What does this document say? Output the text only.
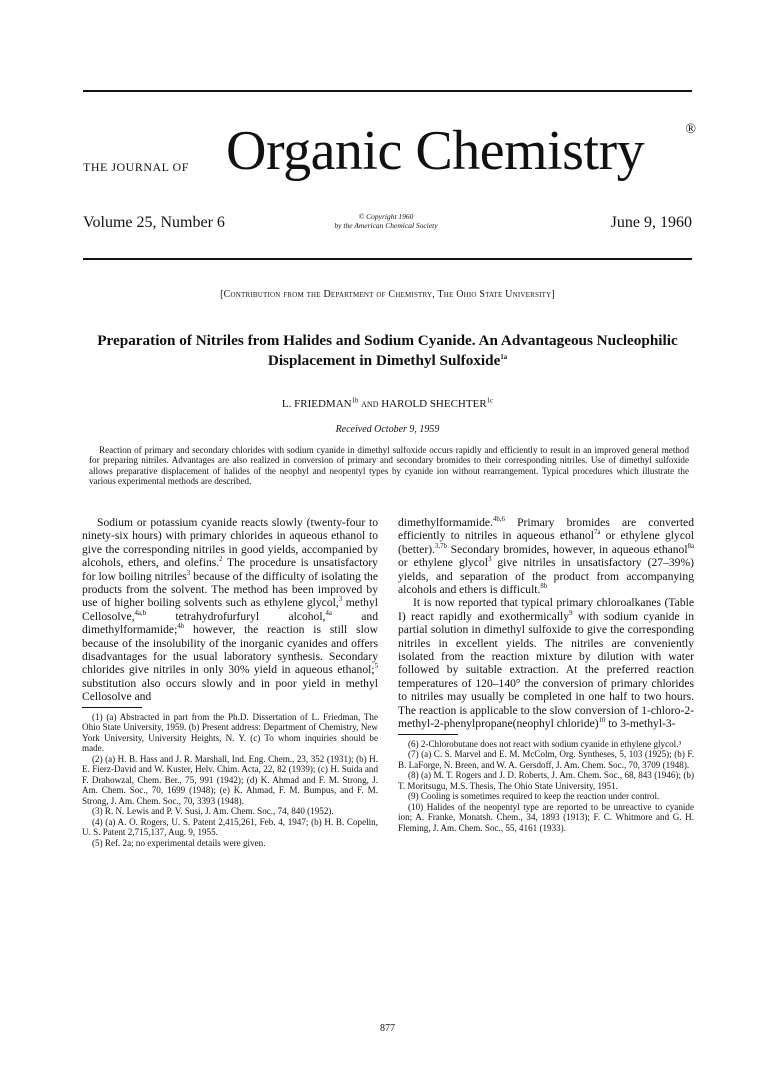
THE JOURNAL OF Organic Chemistry	®
Volume 25, Number 6	© Copyright 1960
by the American Chemical Society	June 9, 1960
[Contribution from the Department of Chemistry, The Ohio State University]
Preparation of Nitriles from Halides and Sodium Cyanide. An Advantageous Nucleophilic Displacement in Dimethyl Sulfoxide$^{1a}$
L. $FRIEDMAN^{1b}$ and HAROLD $SHECHTER^{1c}$
Received October 9, 1959
Reaction of primary and secondary chlorides with sodium cyanide in dimethyl sulfoxide occurs rapidly and efficiently to result in an improved general method for preparing nitriles. Advantages are also realized in conversion of primary and secondary bromides to their corresponding nitriles. Use of dimethyl sulfoxide allows preparative displacement of halides of the neophyl and neopentyl types by cyanide ion without rearrangement. Typical procedures which illustrate the various experimental methods are described.

Sodium or potassium cyanide reacts slowly (twenty-four to ninety-six hours) with primary chlorides in aqueous ethanol to give the corresponding nitriles in good yields, accompanied by alcohols, ethers, and olefins.$^2$ The procedure is unsatisfactory for low boiling nitriles$^3$ because of the difficulty of isolating the products from the solvent. The method has been improved by use of higher boiling solvents such as ethylene glycol,$^3$ methyl Cellosolve,$^{4a,b}$ tetrahydrofurfuryl alcohol,$^{4a}$ and dimethylformamide;$^{4b}$ however, the reaction is still slow because of the insolubility of the inorganic cyanides and offers disadvantages for the usual laboratory synthesis. Secondary chlorides give nitriles in only 30% yield in aqueous ethanol;$^5$ substitution also occurs slowly and in poor yield in methyl Cellosolve and

(1) (a) Abstracted in part from the Ph.D. Dissertation of L. Friedman, The Ohio State University, 1959. (b) Present address: Department of Chemistry, New York University, University Heights, N. Y. (c) To whom inquiries should be made.

(2) (a) H. B. Hass and J. R. Marshall, Ind. Eng. Chem., 23, 352 (1931); (b) H. E. Fierz-David and W. Kuster, Helv. Chim. Acta, 22, 82 (1939); (c) H. Suida and F. Drahowzal, Chem. Ber., 75, 991 (1942); (d) K. Ahmad and F. M. Strong, J. Am. Chem. Soc., 70, 1699 (1948); (e) K. Ahmad, F. M. Bumpus, and F. M. Strong, J. Am. Chem. Soc., 70, 3393 (1948).

(3) R. N. Lewis and P. V. Susi, J. Am. Chem. Soc., 74, 840 (1952).

(4) (a) A. O. Rogers, U. S. Patent 2,415,261, Feb. 4, 1947; (b) H. B. Copelin, U. S. Patent 2,715,137, Aug. 9, 1955.

(5) Ref. 2a; no experimental details were given.

dimethylformamide.$^{4b,6}$ Primary bromides are converted efficiently to nitriles in aqueous ethanol$^{7a}$ or ethylene glycol (better).$^{3,7b}$ Secondary bromides, however, in aqueous ethanol$^{8a}$ or ethylene glycol$^3$ give nitriles in unsatisfactory (27–39%) yields, and separation of the product from accompanying alcohols and ethers is difficult.$^{8b}$

It is now reported that typical primary chloroalkanes (Table I) react rapidly and exothermically$^9$ with sodium cyanide in partial solution in dimethyl sulfoxide to give the corresponding nitriles in excellent yields. The nitriles are conveniently isolated from the reaction mixture by dilution with water followed by suitable extraction. At the preferred reaction temperatures of 120–140° the conversion of primary chlorides to nitriles may usually be completed in one half to two hours. The reaction is applicable to the slow conversion of 1-chloro-2-methyl-2-phenylpropane(neophyl chloride)$^{10}$ to 3-methyl-3-

(6) 2-Chlorobutane does not react with sodium cyanide in ethylene glycol.³

(7) (a) C. S. Marvel and E. M. McColm, Org. Syntheses, 5, 103 (1925); (b) F. B. LaForge, N. Breen, and W. A. Gersdoff, J. Am. Chem. Soc., 70, 3709 (1948).

(8) (a) M. T. Rogers and J. D. Roberts, J. Am. Chem. Soc., 68, 843 (1946); (b) T. Moritsugu, M.S. Thesis, The Ohio State University, 1951.

(9) Cooling is sometimes required to keep the reaction under control.

(10) Halides of the neopentyl type are reported to be unreactive to cyanide ion; A. Franke, Monatsh. Chem., 34, 1893 (1913); F. C. Whitmore and G. H. Fleming, J. Am. Chem. Soc., 55, 4161 (1933).

877
